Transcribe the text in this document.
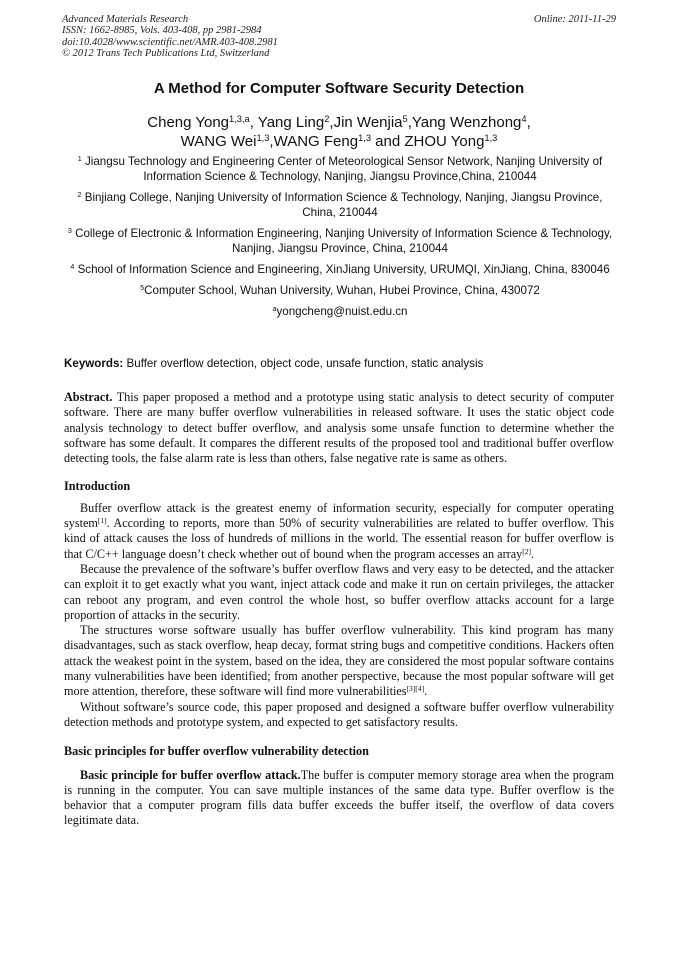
Advanced Materials Research
ISSN: 1662-8985, Vols. 403-408, pp 2981-2984
doi:10.4028/www.scientific.net/AMR.403-408.2981
© 2012 Trans Tech Publications Ltd, Switzerland
Online: 2011-11-29
A Method for Computer Software Security Detection
Cheng Yong$^{1,3,a}$, Yang Ling$^2$,Jin Wenjia$^5$,Yang Wenzhong$^4$,
WANG Wei$^{1,3}$,WANG Feng$^{1,3}$ and ZHOU Yong$^{1,3}$
$^1$ Jiangsu Technology and Engineering Center of Meteorological Sensor Network, Nanjing University of Information Science & Technology, Nanjing, Jiangsu Province,China, 210044
$^2$ Binjiang College, Nanjing University of Information Science & Technology, Nanjing, Jiangsu Province, China, 210044
$^3$ College of Electronic & Information Engineering, Nanjing University of Information Science & Technology, Nanjing, Jiangsu Province, China, 210044
$^4$ School of Information Science and Engineering, XinJiang University, URUMQI, XinJiang, China, 830046
$^5$Computer School, Wuhan University, Wuhan, Hubei Province, China, 430072
$^a$yongcheng@nuist.edu.cn
Keywords: Buffer overflow detection, object code, unsafe function, static analysis

Abstract. This paper proposed a method and a prototype using static analysis to detect security of computer software. There are many buffer overflow vulnerabilities in released software. It uses the static object code analysis technology to detect buffer overflow, and analysis some unsafe function to determine whether the software has some default. It compares the different results of the proposed tool and traditional buffer overflow detecting tools, the false alarm rate is less than others, false negative rate is same as others.

Introduction

Buffer overflow attack is the greatest enemy of information security, especially for computer operating system[1]. According to reports, more than 50% of security vulnerabilities are related to buffer overflow. This kind of attack causes the loss of hundreds of millions in the world. The essential reason for buffer overflow is that C/C++ language doesn’t check whether out of bound when the program accesses an array[2].

Because the prevalence of the software’s buffer overflow flaws and very easy to be detected, and the attacker can exploit it to get exactly what you want, inject attack code and make it run on certain privileges, the attacker can reboot any program, and even control the whole host, so buffer overflow attacks account for a large proportion of attacks in the security.

The structures worse software usually has buffer overflow vulnerability. This kind program has many disadvantages, such as stack overflow, heap decay, format string bugs and competitive conditions. Hackers often attack the weakest point in the system, based on the idea, they are considered the most popular software contains many vulnerabilities have been identified; from another perspective, because the most popular software will get more attention, therefore, these software will find more vulnerabilities[3][4].

Without software’s source code, this paper proposed and designed a software buffer overflow vulnerability detection methods and prototype system, and expected to get satisfactory results.

Basic principles for buffer overflow vulnerability detection

Basic principle for buffer overflow attack.The buffer is computer memory storage area when the program is running in the computer. You can save multiple instances of the same data type. Buffer overflow is the behavior that a computer program fills data buffer exceeds the buffer itself, the overflow of data covers legitimate data.
